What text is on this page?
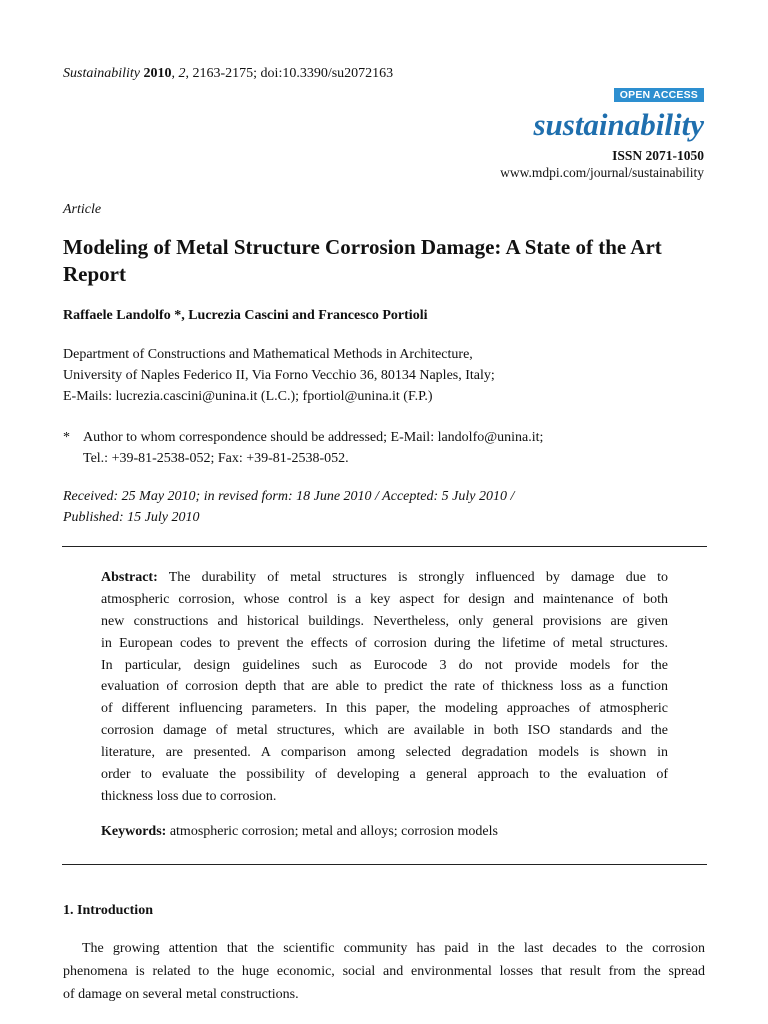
Sustainability 2010, 2, 2163-2175; doi:10.3390/su2072163
OPEN ACCESS
sustainability
ISSN 2071-1050
www.mdpi.com/journal/sustainability
Article
Modeling of Metal Structure Corrosion Damage: A State of the Art Report
Raffaele Landolfo *, Lucrezia Cascini and Francesco Portioli
Department of Constructions and Mathematical Methods in Architecture,
University of Naples Federico II, Via Forno Vecchio 36, 80134 Naples, Italy;
E-Mails: lucrezia.cascini@unina.it (L.C.); fportiol@unina.it (F.P.)
* Author to whom correspondence should be addressed; E-Mail: landolfo@unina.it;
Tel.: +39-81-2538-052; Fax: +39-81-2538-052.
Received: 25 May 2010; in revised form: 18 June 2010 / Accepted: 5 July 2010 /
Published: 15 July 2010
Abstract: The durability of metal structures is strongly influenced by damage due to
atmospheric corrosion, whose control is a key aspect for design and maintenance of both
new constructions and historical buildings. Nevertheless, only general provisions are given
in European codes to prevent the effects of corrosion during the lifetime of metal structures.
In particular, design guidelines such as Eurocode 3 do not provide models for the
evaluation of corrosion depth that are able to predict the rate of thickness loss as a function
of different influencing parameters. In this paper, the modeling approaches of atmospheric
corrosion damage of metal structures, which are available in both ISO standards and the
literature, are presented. A comparison among selected degradation models is shown in
order to evaluate the possibility of developing a general approach to the evaluation of
thickness loss due to corrosion.
Keywords: atmospheric corrosion; metal and alloys; corrosion models
1. Introduction
The growing attention that the scientific community has paid in the last decades to the corrosion
phenomena is related to the huge economic, social and environmental losses that result from the spread
of damage on several metal constructions.
